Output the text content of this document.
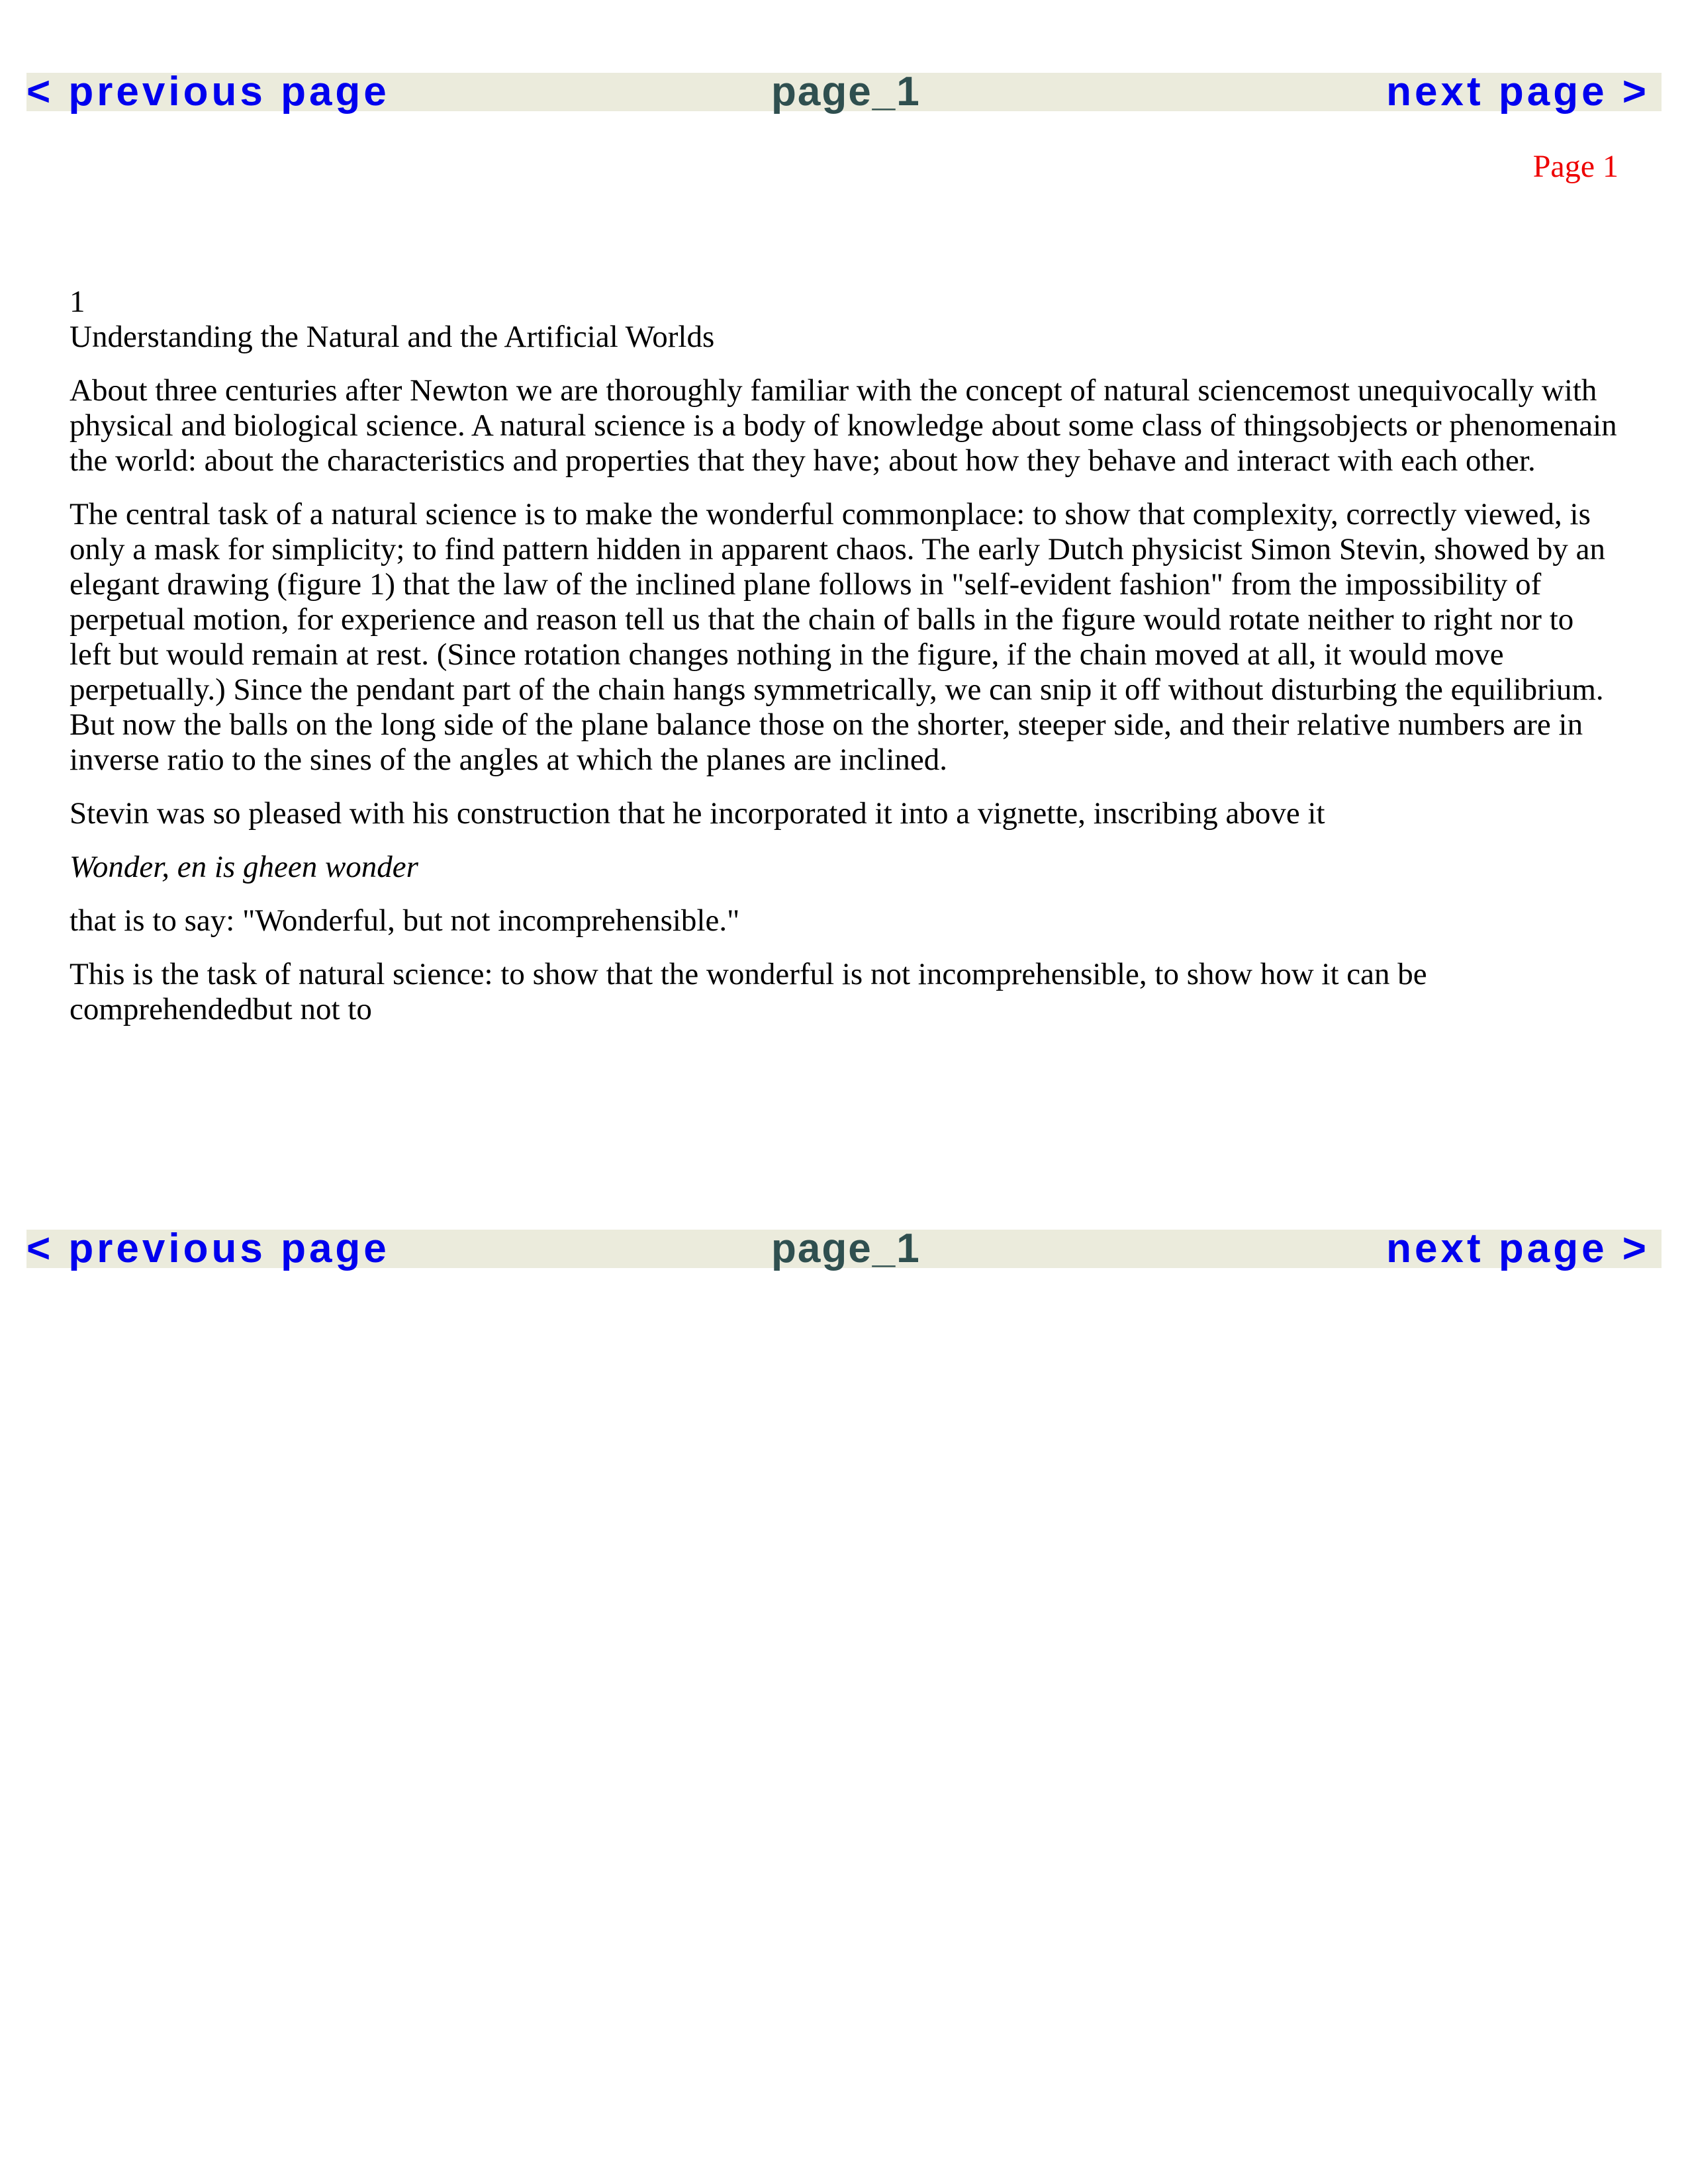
< previous page	page_1	next page >
Page 1
1
Understanding the Natural and the Artificial Worlds

About three centuries after Newton we are thoroughly familiar with the concept of natural sciencemost unequivocally with physical and biological science. A natural science is a body of knowledge about some class of thingsobjects or phenomenain the world: about the characteristics and properties that they have; about how they behave and interact with each other.

The central task of a natural science is to make the wonderful commonplace: to show that complexity, correctly viewed, is only a mask for simplicity; to find pattern hidden in apparent chaos. The early Dutch physicist Simon Stevin, showed by an elegant drawing (figure 1) that the law of the inclined plane follows in "self-evident fashion" from the impossibility of perpetual motion, for experience and reason tell us that the chain of balls in the figure would rotate neither to right nor to left but would remain at rest. (Since rotation changes nothing in the figure, if the chain moved at all, it would move perpetually.) Since the pendant part of the chain hangs symmetrically, we can snip it off without disturbing the equilibrium. But now the balls on the long side of the plane balance those on the shorter, steeper side, and their relative numbers are in inverse ratio to the sines of the angles at which the planes are inclined.

Stevin was so pleased with his construction that he incorporated it into a vignette, inscribing above it

Wonder, en is gheen wonder

that is to say: "Wonderful, but not incomprehensible."

This is the task of natural science: to show that the wonderful is not incomprehensible, to show how it can be comprehendedbut not to

< previous page	page_1	next page >
